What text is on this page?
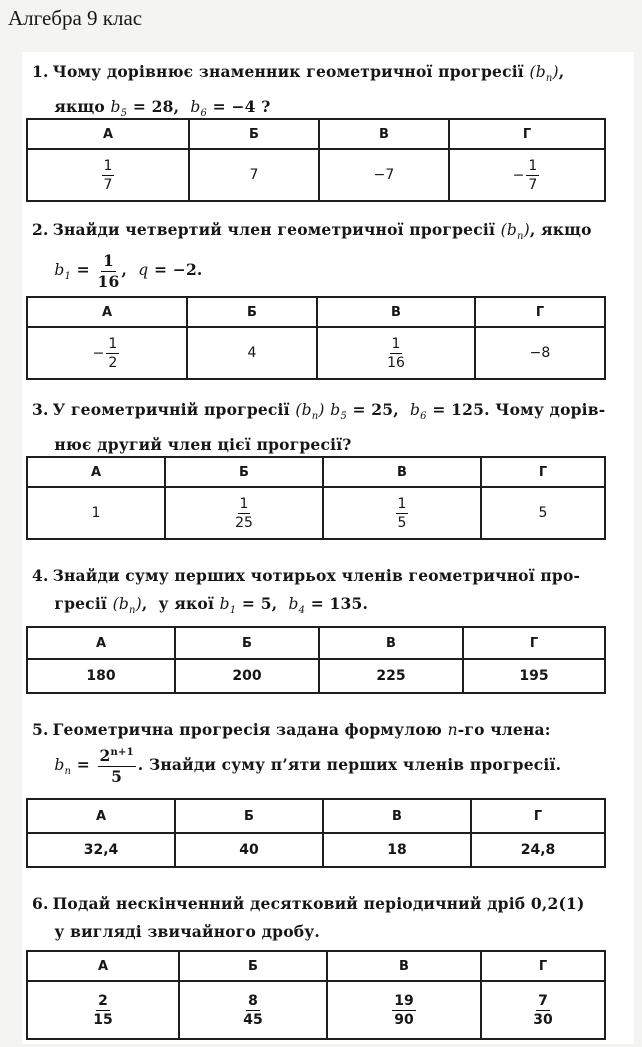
Алгебра 9 клас
1. Чому дорівнює знаменник геометричної прогресії $(b_n)$,
якщо $b_5 = 28$,  $b_6 = -4$ ?
А	Б	В	Г

$\frac{1}{7}$	7	−7	− $\frac{1}{7}$
2. Знайди четвертий член геометричної прогресії $(b_n)$, якщо
$b_1 = \frac{1}{16}$ ,  q = −2.
А	Б	В	Г
− $\frac{1}{2}$	4	$\frac{1}{16}$	−8
3. У геометричній прогресії $(b_n) b_5 = 25$,  $b_6 = 125$. Чому дорів-
нює другий член цієї прогресії?
А	Б	В	Г
1	$\frac{1}{25}$	$\frac{1}{5}$	5
4. Знайди суму перших чотирьох членів геометричної про-
гресії $(b_n)$,  у якої $b_1 = 5$,  $b_4 = 135$.
А	Б	В	Г
180	200	225	195
5. Геометрична прогресія задана формулою n-го члена:
$b_n = \frac{2^{n+1}}{5}$ . Знайди суму п’яти перших членів прогресії.
А	Б	В	Г
32,4	40	18	24,8
6. Подай нескінченний десятковий періодичний дріб 0,2(1)
у вигляді звичайного дробу.
А	Б	В	Г

$\frac{2}{15}$	$\frac{8}{45}$	$\frac{19}{90}$	$\frac{7}{30}$
